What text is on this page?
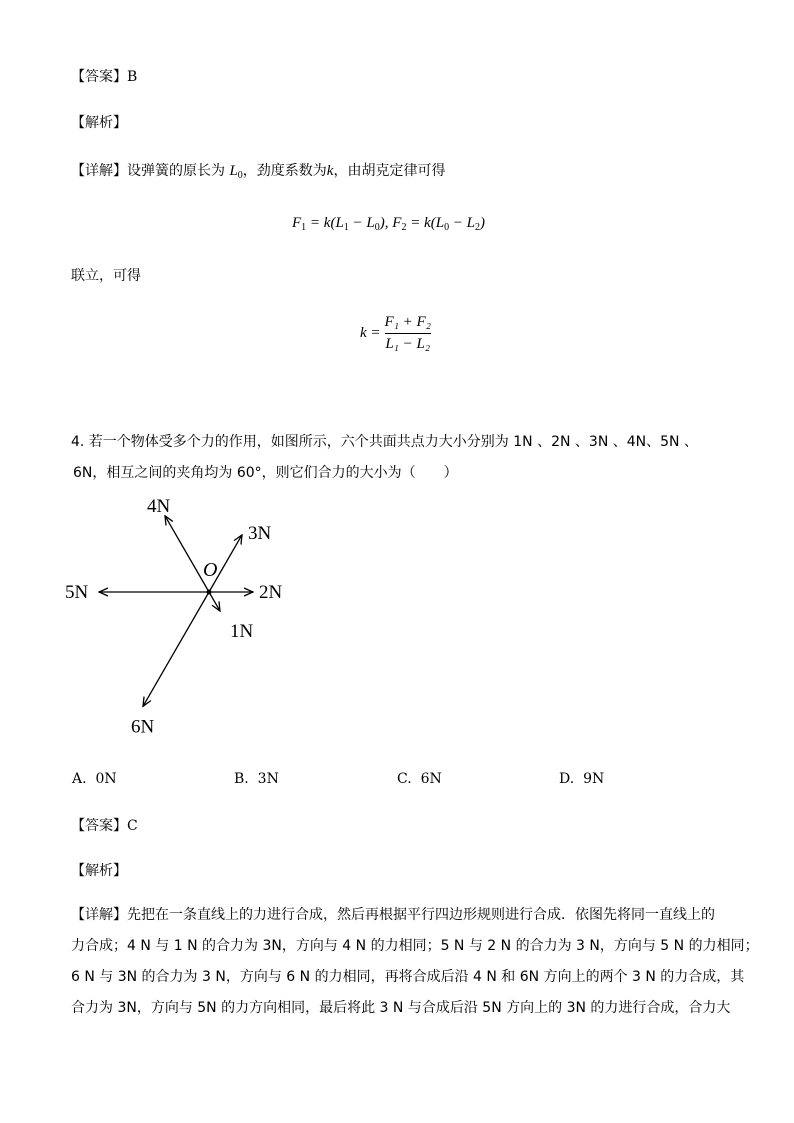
【答案】B
【解析】
【详解】设弹簧的原长为 $L_0$，劲度系数为k，由胡克定律可得
$F_1 = k(L_1 - L_0)$, $F_2 = k(L_0 - L_2)$
联立，可得
$k = \frac{\text{F₁ + F₂}}{\text{L₁ − L₂}}$
4. 若一个物体受多个力的作用，如图所示，六个共面共点力大小分别为 1N 、2N 、3N 、4N、5N 、
6N，相互之间的夹角均为 60°，则它们合力的大小为（　　）
O
1N
2N
3N
4N
5N
6N
A. 0N	B. 3N	C. 6N	D. 9N
【答案】C
【解析】
【详解】先把在一条直线上的力进行合成，然后再根据平行四边形规则进行合成．依图先将同一直线上的
力合成；4 N 与 1 N 的合力为 3N，方向与 4 N 的力相同；5 N 与 2 N 的合力为 3 N，方向与 5 N 的力相同；
6 N 与 3N 的合力为 3 N，方向与 6 N 的力相同，再将合成后沿 4 N 和 6N 方向上的两个 3 N 的力合成，其
合力为 3N，方向与 5N 的力方向相同，最后将此 3 N 与合成后沿 5N 方向上的 3N 的力进行合成，合力大
